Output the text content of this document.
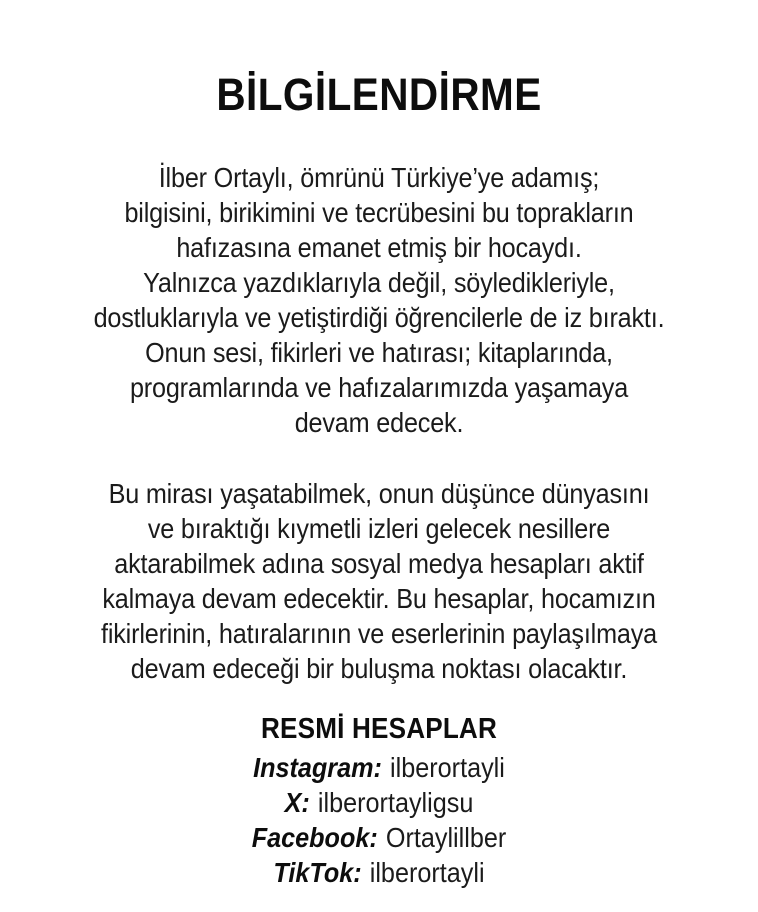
BİLGİLENDİRME
İlber Ortaylı, ömrünü Türkiye’ye adamış;
bilgisini, birikimini ve tecrübesini bu toprakların
hafızasına emanet etmiş bir hocaydı.
Yalnızca yazdıklarıyla değil, söyledikleriyle,
dostluklarıyla ve yetiştirdiği öğrencilerle de iz bıraktı.
Onun sesi, fikirleri ve hatırası; kitaplarında,
programlarında ve hafızalarımızda yaşamaya
devam edecek.
Bu mirası yaşatabilmek, onun düşünce dünyasını
ve bıraktığı kıymetli izleri gelecek nesillere
aktarabilmek adına sosyal medya hesapları aktif
kalmaya devam edecektir. Bu hesaplar, hocamızın
fikirlerinin, hatıralarının ve eserlerinin paylaşılmaya
devam edeceği bir buluşma noktası olacaktır.
RESMİ HESAPLAR
Instagram: ilberortayli
X: ilberortayligsu
Facebook: Ortaylillber
TikTok: ilberortayli
